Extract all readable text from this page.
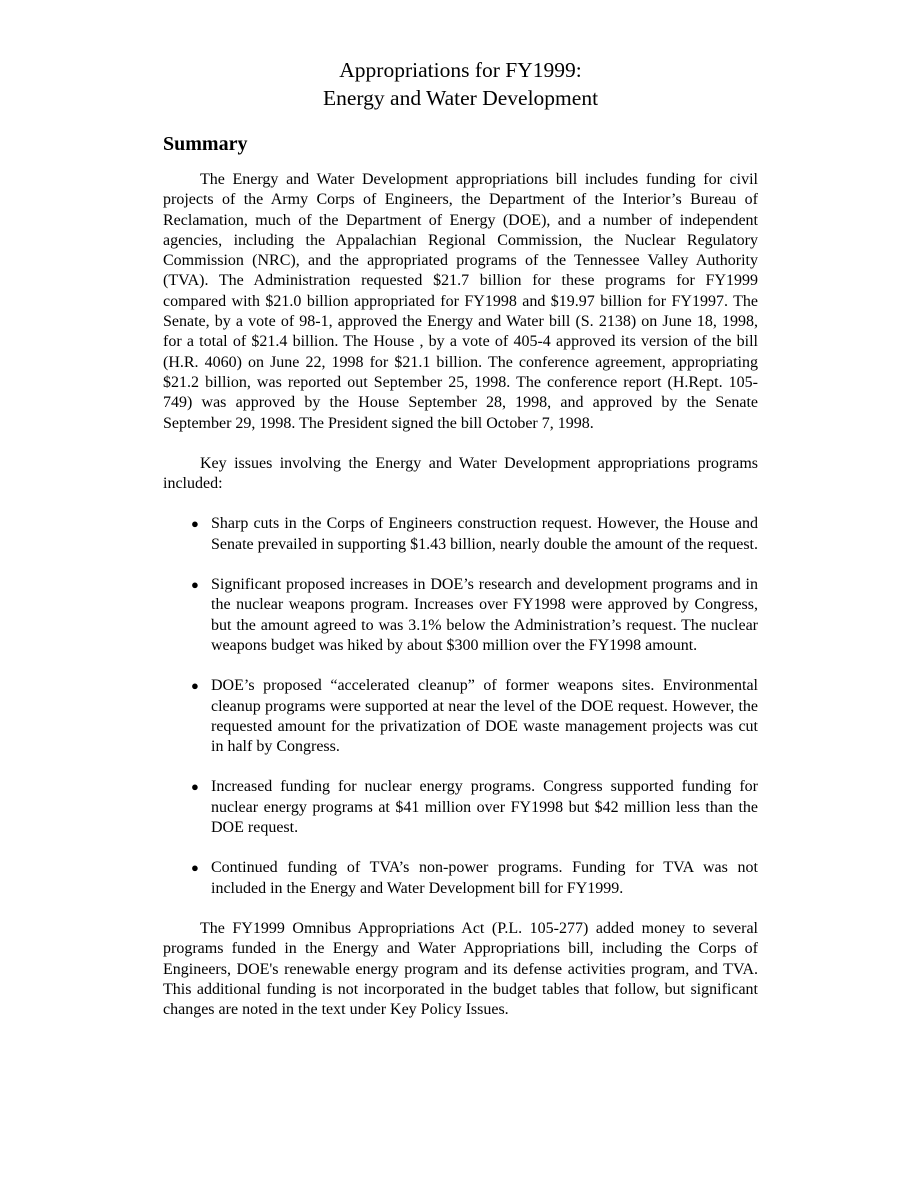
Appropriations for FY1999:
Energy and Water Development
Summary

The Energy and Water Development appropriations bill includes funding for civil projects of the Army Corps of Engineers, the Department of the Interior’s Bureau of Reclamation, much of the Department of Energy (DOE), and a number of independent agencies, including the Appalachian Regional Commission, the Nuclear Regulatory Commission (NRC), and the appropriated programs of the Tennessee Valley Authority (TVA). The Administration requested $21.7 billion for these programs for FY1999 compared with $21.0 billion appropriated for FY1998 and $19.97 billion for FY1997. The Senate, by a vote of 98-1, approved the Energy and Water bill (S. 2138) on June 18, 1998, for a total of $21.4 billion. The House , by a vote of 405-4 approved its version of the bill (H.R. 4060) on June 22, 1998 for $21.1 billion. The conference agreement, appropriating $21.2 billion, was reported out September 25, 1998. The conference report (H.Rept. 105-749) was approved by the House September 28, 1998, and approved by the Senate September 29, 1998. The President signed the bill October 7, 1998.

Key issues involving the Energy and Water Development appropriations programs included:

● Sharp cuts in the Corps of Engineers construction request. However, the House and Senate prevailed in supporting $1.43 billion, nearly double the amount of the request.
● Significant proposed increases in DOE’s research and development programs and in the nuclear weapons program. Increases over FY1998 were approved by Congress, but the amount agreed to was 3.1% below the Administration’s request. The nuclear weapons budget was hiked by about $300 million over the FY1998 amount.
● DOE’s proposed “accelerated cleanup” of former weapons sites. Environmental cleanup programs were supported at near the level of the DOE request. However, the requested amount for the privatization of DOE waste management projects was cut in half by Congress.
● Increased funding for nuclear energy programs. Congress supported funding for nuclear energy programs at $41 million over FY1998 but $42 million less than the DOE request.
● Continued funding of TVA’s non-power programs. Funding for TVA was not included in the Energy and Water Development bill for FY1999.

The FY1999 Omnibus Appropriations Act (P.L. 105-277) added money to several programs funded in the Energy and Water Appropriations bill, including the Corps of Engineers, DOE's renewable energy program and its defense activities program, and TVA. This additional funding is not incorporated in the budget tables that follow, but significant changes are noted in the text under Key Policy Issues.
